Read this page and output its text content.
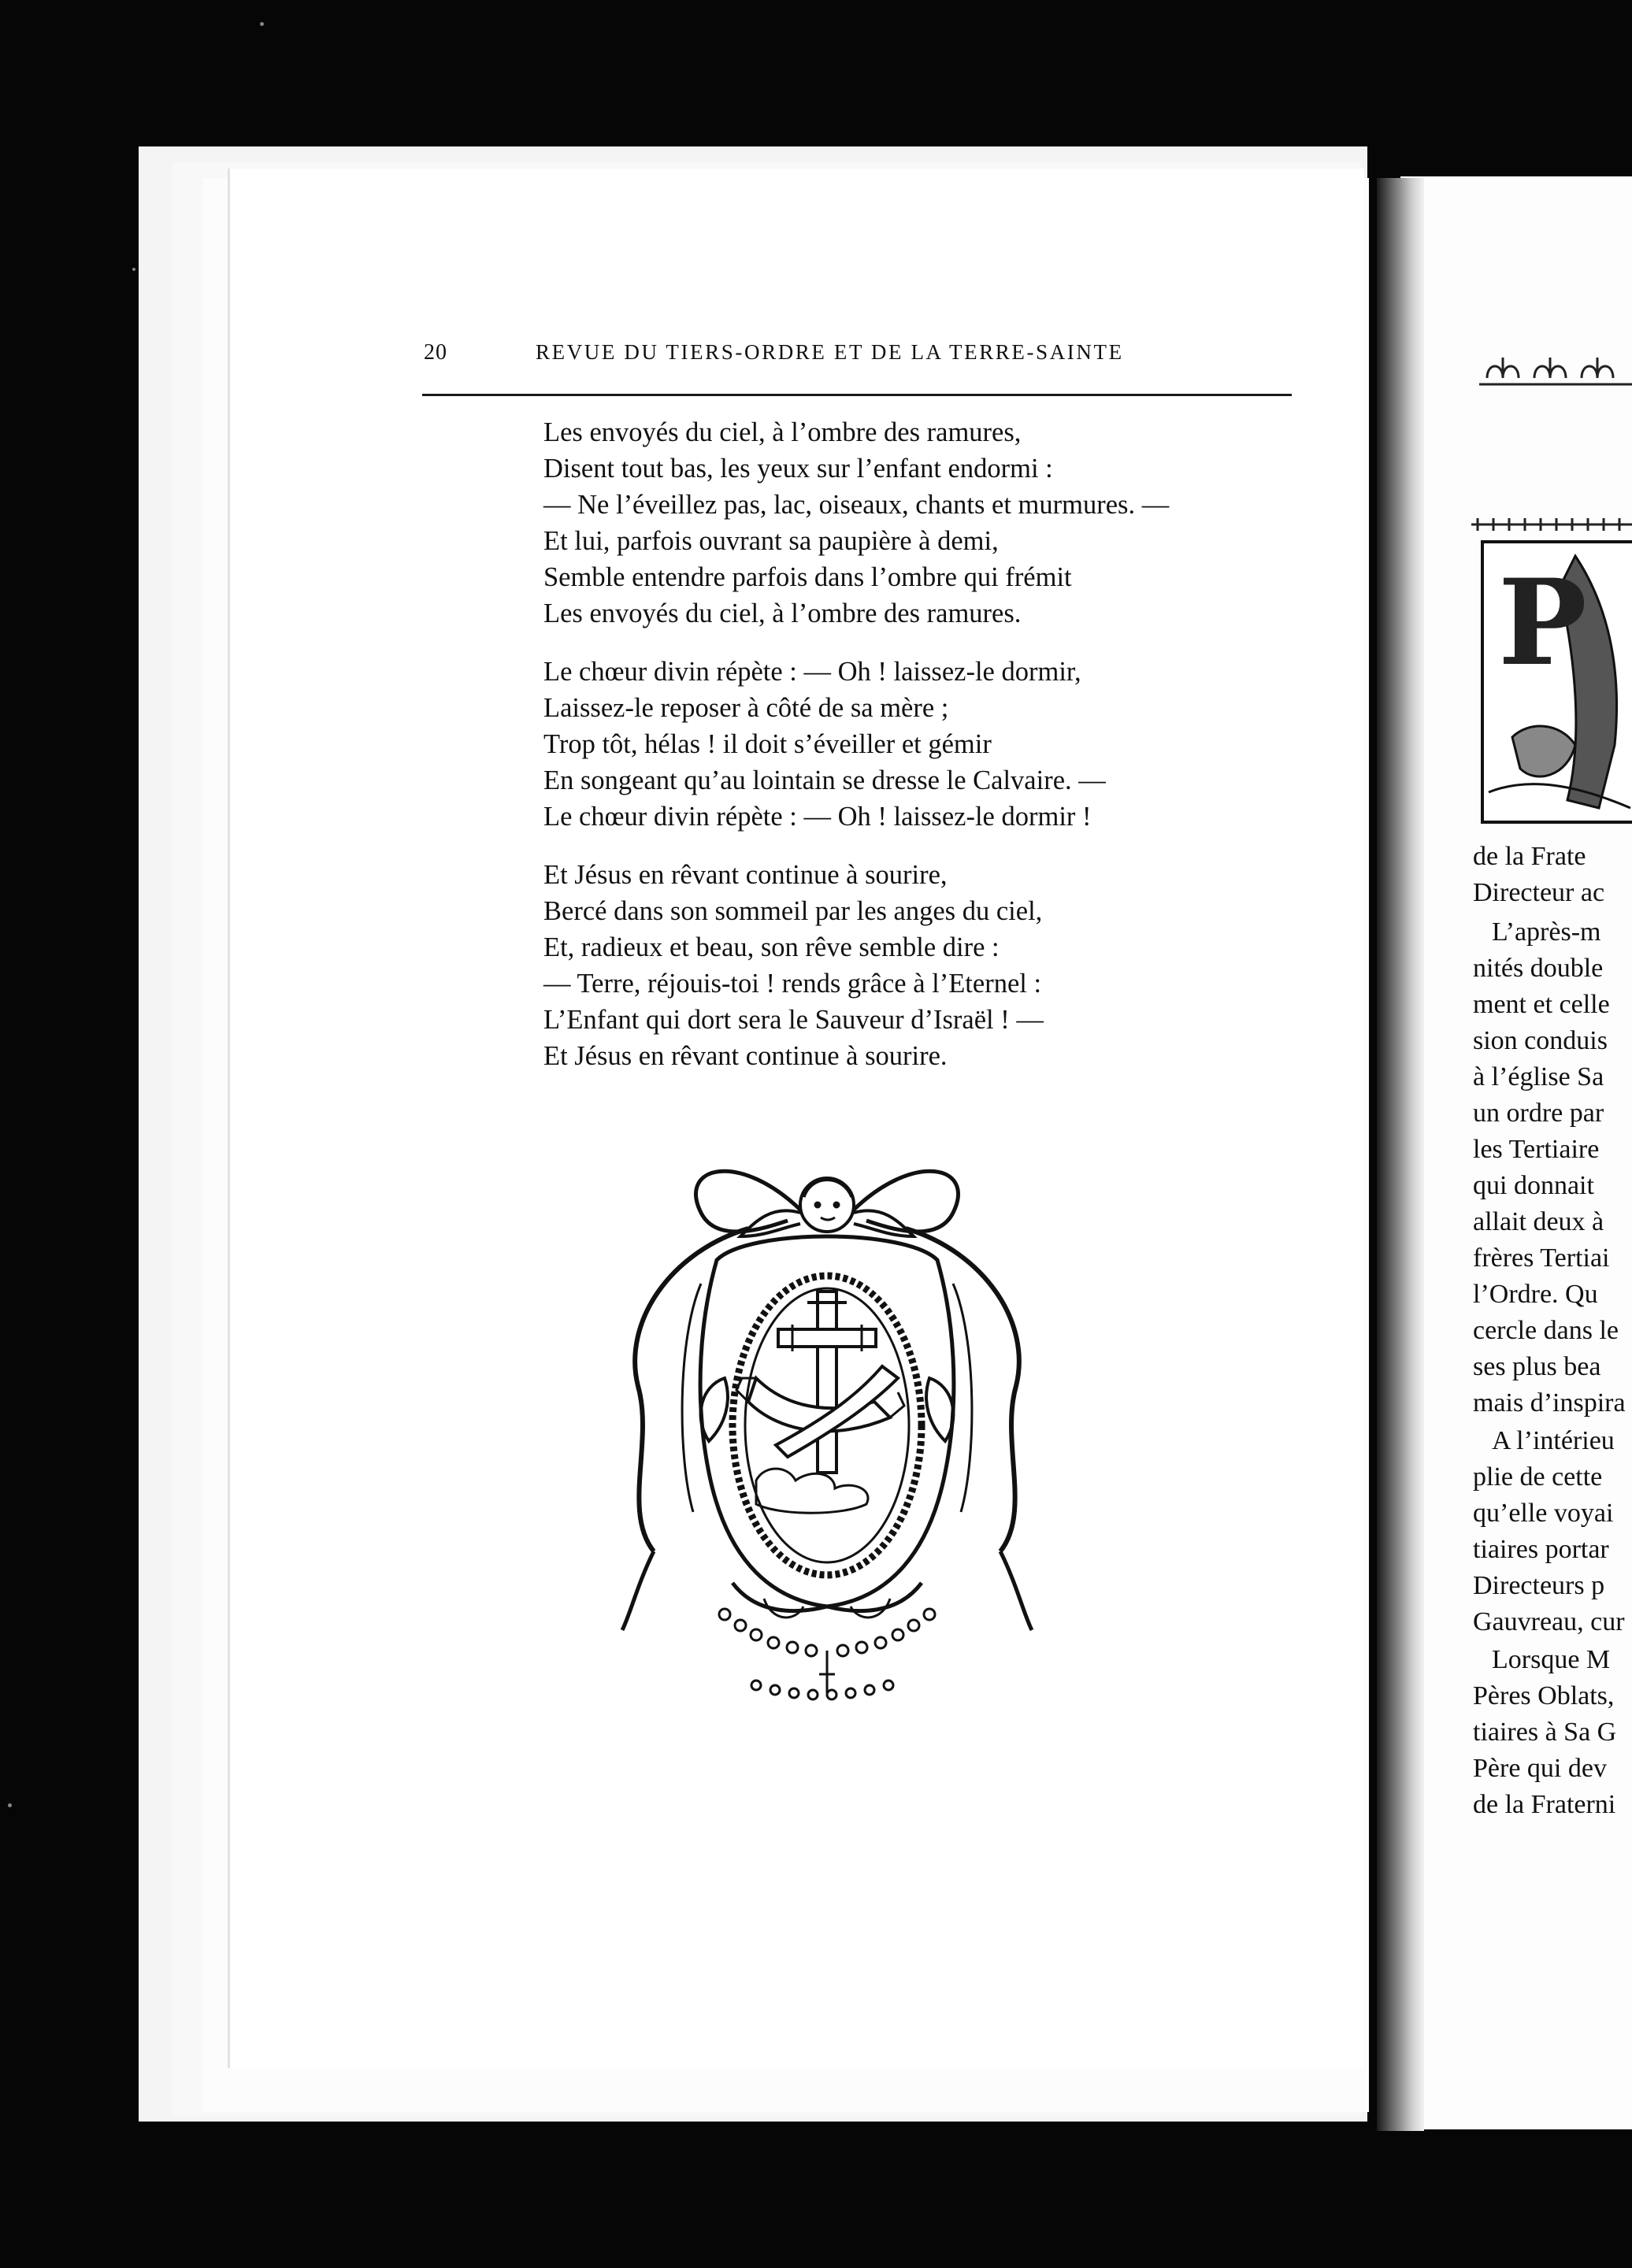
20	REVUE DU TIERS-ORDRE ET DE LA TERRE-SAINTE
Les envoyés du ciel, à l’ombre des ramures,
Disent tout bas, les yeux sur l’enfant endormi :
— Ne l’éveillez pas, lac, oiseaux, chants et murmures. —
Et lui, parfois ouvrant sa paupière à demi,
Semble entendre parfois dans l’ombre qui frémit
Les envoyés du ciel, à l’ombre des ramures.
Le chœur divin répète : — Oh ! laissez-le dormir,
Laissez-le reposer à côté de sa mère ;
Trop tôt, hélas ! il doit s’éveiller et gémir
En songeant qu’au lointain se dresse le Calvaire. —
Le chœur divin répète : — Oh ! laissez-le dormir !
Et Jésus en rêvant continue à sourire,
Bercé dans son sommeil par les anges du ciel,
Et, radieux et beau, son rêve semble dire :
— Terre, réjouis-toi ! rends grâce à l’Eternel :
L’Enfant qui dort sera le Sauveur d’Israël ! —
Et Jésus en rêvant continue à sourire.
P
de la Frate
Directeur ac
L’après-m
nités double
ment et celle
sion conduis
à l’église Sa
un ordre par
les Tertiaire
qui donnait
allait deux à
frères Tertiai
l’Ordre. Qu
cercle dans le
ses plus bea
mais d’inspira
A l’intérieu
plie de cette
qu’elle voyai
tiaires portar
Directeurs p
Gauvreau, cur
Lorsque M
Pères Oblats,
tiaires à Sa G
Père qui dev
de la Fraterni
